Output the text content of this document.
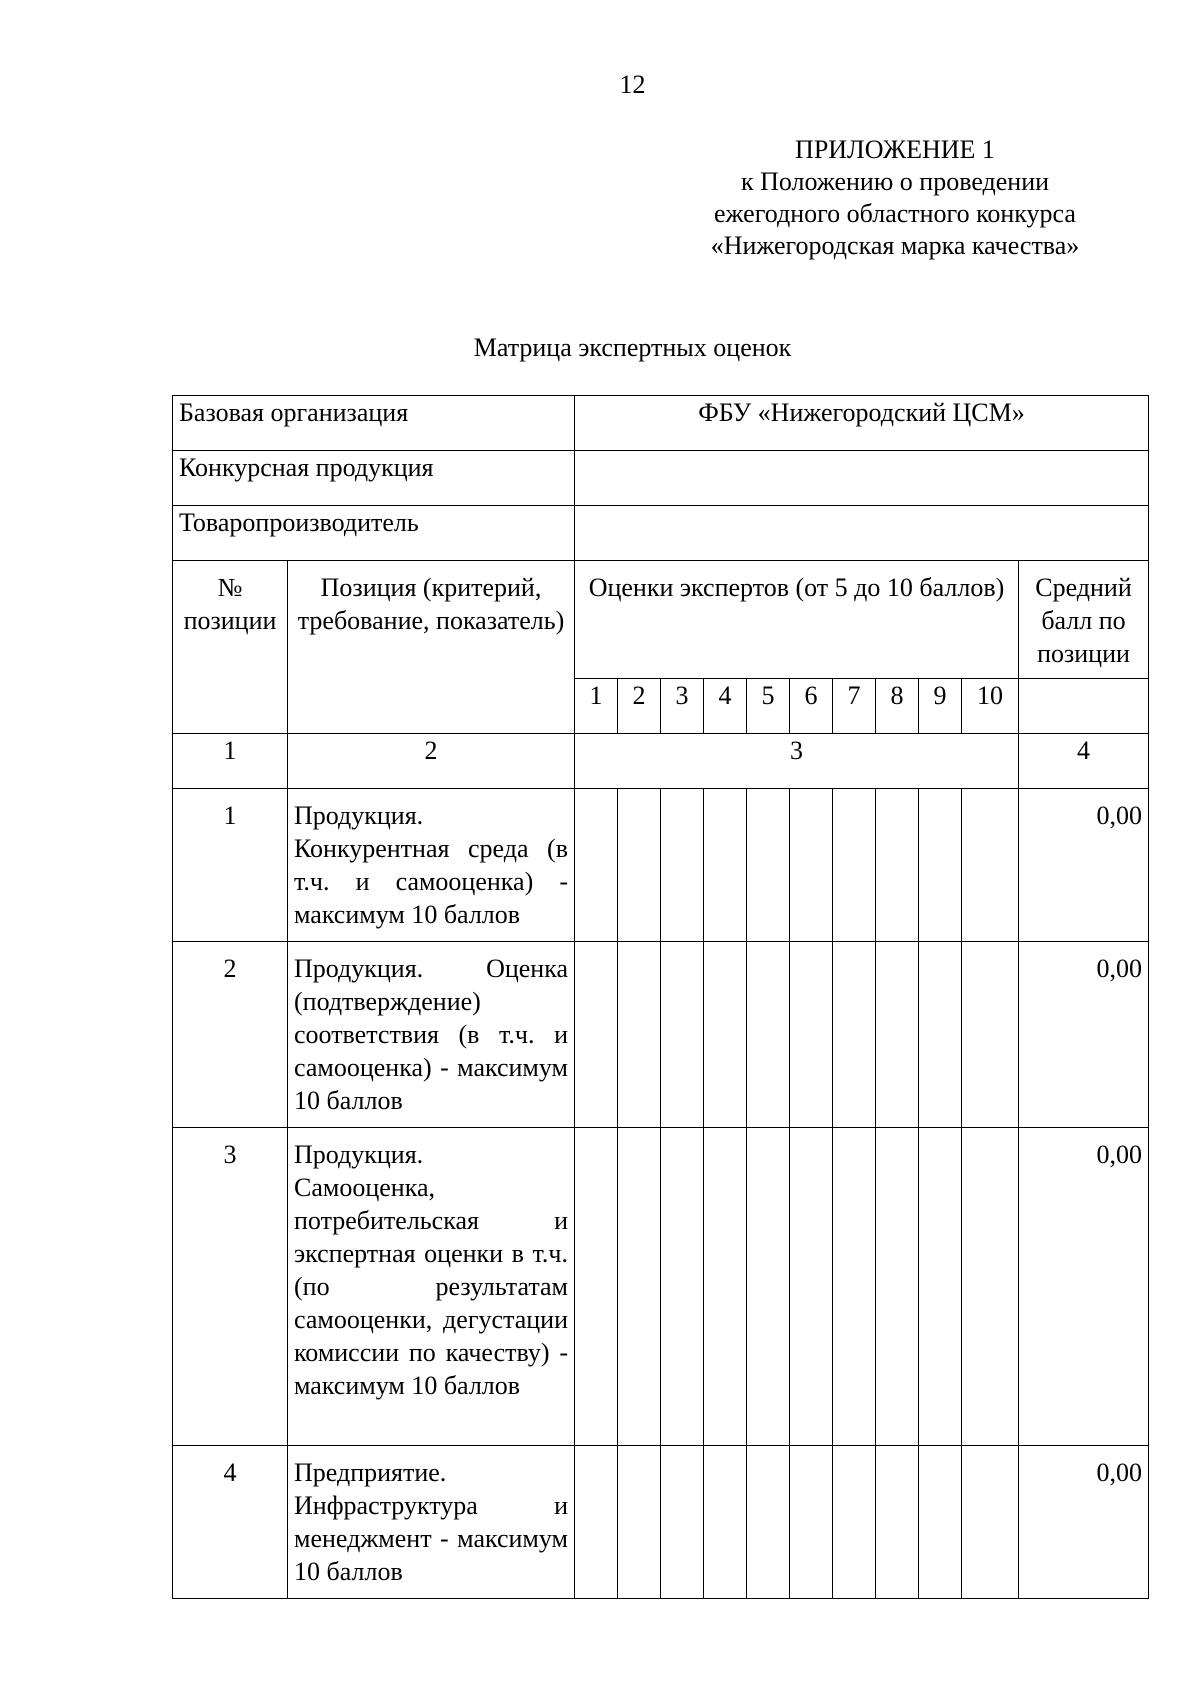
12
ПРИЛОЖЕНИЕ 1
к Положению о проведении
ежегодного областного конкурса
«Нижегородская марка качества»
Матрица экспертных оценок
Базовая организация		ФБУ «Нижегородский ЦСМ»										
Конкурсная продукция												
Товаропроизводитель												
№ позиции	Позиция (критерий, требование, показатель)	Оценки экспертов (от 5 до 10 баллов)										Средний балл по позиции
		1	2	3	4	5	6	7	8	9	10	
1	2	3										4
1	Продукция. Конкурентная среда (в т.ч. и самооценка) - максимум 10 баллов											0,00
2	Продукция. Оценка (подтверждение) соответствия (в т.ч. и самооценка) - максимум 10 баллов											0,00
3	Продукция. Самооценка, потребительская и экспертная оценки в т.ч. (по результатам самооценки, дегустации комиссии по качеству) - максимум 10 баллов											0,00
4	Предприятие. Инфраструктура и менеджмент - максимум 10 баллов											0,00
